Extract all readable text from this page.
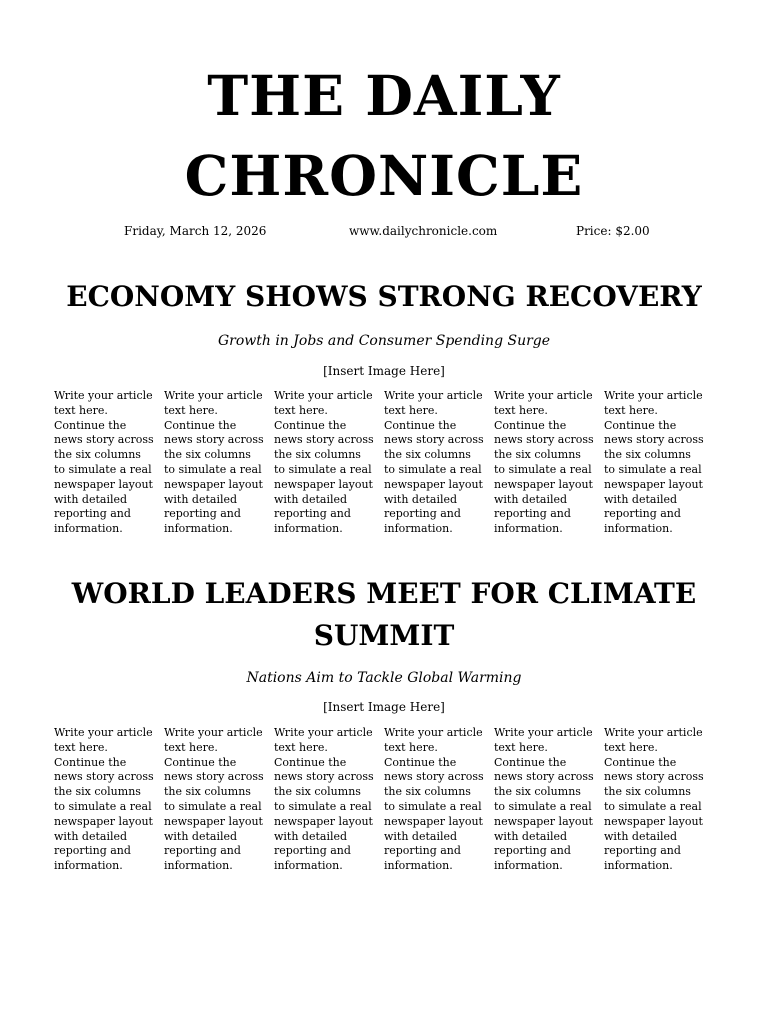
THE DAILY
CHRONICLE
Friday, March 12, 2026	www.dailychronicle.com	Price: $2.00
ECONOMY SHOWS STRONG RECOVERY
Growth in Jobs and Consumer Spending Surge
[Insert Image Here]
Write your article
text here.
Continue the
news story across
the six columns
to simulate a real
newspaper layout
with detailed
reporting and
information.
Write your article
text here.
Continue the
news story across
the six columns
to simulate a real
newspaper layout
with detailed
reporting and
information.
Write your article
text here.
Continue the
news story across
the six columns
to simulate a real
newspaper layout
with detailed
reporting and
information.
Write your article
text here.
Continue the
news story across
the six columns
to simulate a real
newspaper layout
with detailed
reporting and
information.
Write your article
text here.
Continue the
news story across
the six columns
to simulate a real
newspaper layout
with detailed
reporting and
information.
Write your article
text here.
Continue the
news story across
the six columns
to simulate a real
newspaper layout
with detailed
reporting and
information.
WORLD LEADERS MEET FOR CLIMATE SUMMIT
Nations Aim to Tackle Global Warming
[Insert Image Here]
Write your article
text here.
Continue the
news story across
the six columns
to simulate a real
newspaper layout
with detailed
reporting and
information.
Write your article
text here.
Continue the
news story across
the six columns
to simulate a real
newspaper layout
with detailed
reporting and
information.
Write your article
text here.
Continue the
news story across
the six columns
to simulate a real
newspaper layout
with detailed
reporting and
information.
Write your article
text here.
Continue the
news story across
the six columns
to simulate a real
newspaper layout
with detailed
reporting and
information.
Write your article
text here.
Continue the
news story across
the six columns
to simulate a real
newspaper layout
with detailed
reporting and
information.
Write your article
text here.
Continue the
news story across
the six columns
to simulate a real
newspaper layout
with detailed
reporting and
information.
